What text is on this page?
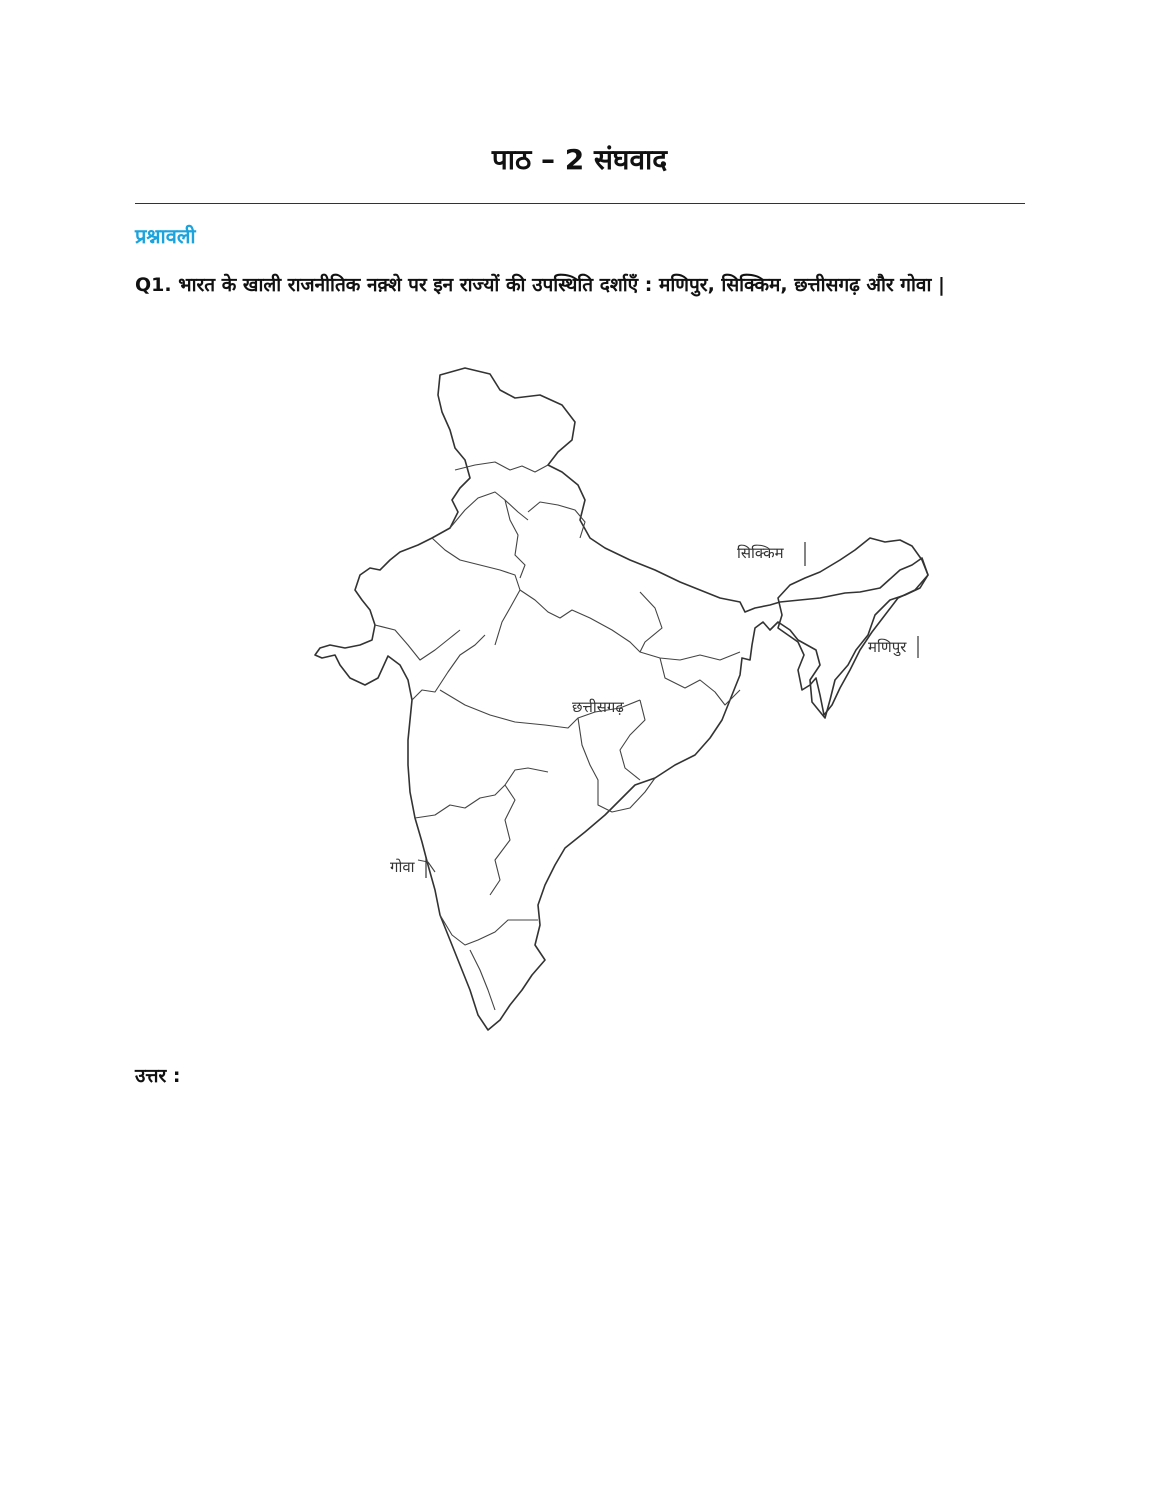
पाठ – 2 संघवाद
प्रश्नावली

Q1. भारत के खाली राजनीतिक नक़्शे पर इन राज्यों की उपस्थिति दर्शाएँ : मणिपुर, सिक्किम, छत्तीसगढ़ और गोवा |

सिक्किम
मणिपुर
छत्तीसगढ़
गोवा

उत्तर :
